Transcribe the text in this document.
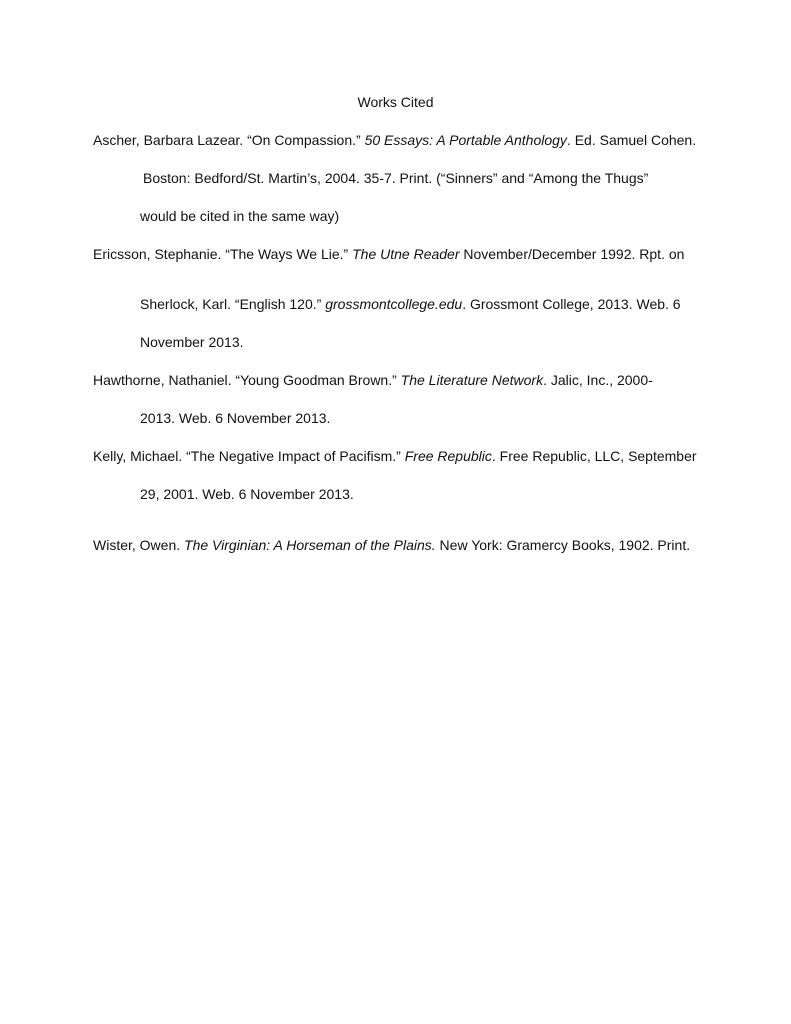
Works Cited
Ascher, Barbara Lazear. “On Compassion.” 50 Essays: A Portable Anthology. Ed. Samuel Cohen.
Boston: Bedford/St. Martin’s, 2004. 35-7. Print. (“Sinners” and “Among the Thugs”
would be cited in the same way)
Ericsson, Stephanie. “The Ways We Lie.” The Utne Reader November/December 1992. Rpt. on
Sherlock, Karl. “English 120.” grossmontcollege.edu. Grossmont College, 2013. Web. 6
November 2013.
Hawthorne, Nathaniel. “Young Goodman Brown.” The Literature Network. Jalic, Inc., 2000-
2013. Web. 6 November 2013.
Kelly, Michael. “The Negative Impact of Pacifism.” Free Republic. Free Republic, LLC, September
29, 2001. Web. 6 November 2013.
Wister, Owen. The Virginian: A Horseman of the Plains. New York: Gramercy Books, 1902. Print.
